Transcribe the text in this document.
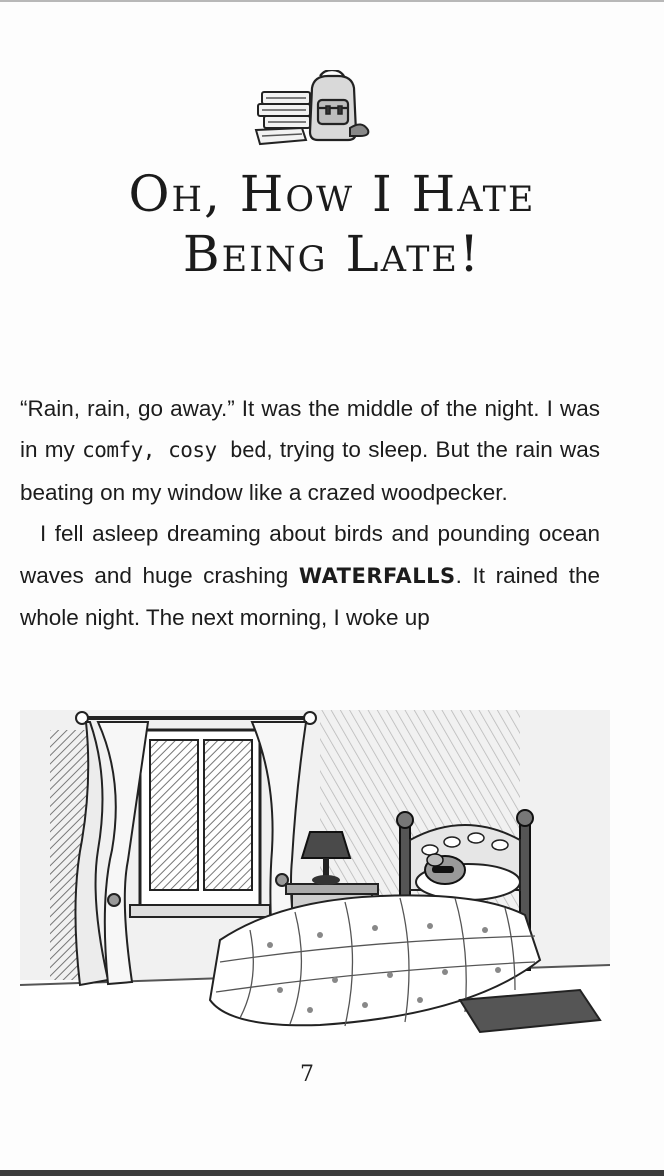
Oh, How I Hate
Being Late!

“Rain, rain, go away.” It was the middle of the night. I was in my comfy, cosy bed, trying to sleep. But the rain was beating on my window like a crazed woodpecker.

I fell asleep dreaming about birds and pounding ocean waves and huge crashing WATERFALLS. It rained the whole night. The next morning, I woke up

7
